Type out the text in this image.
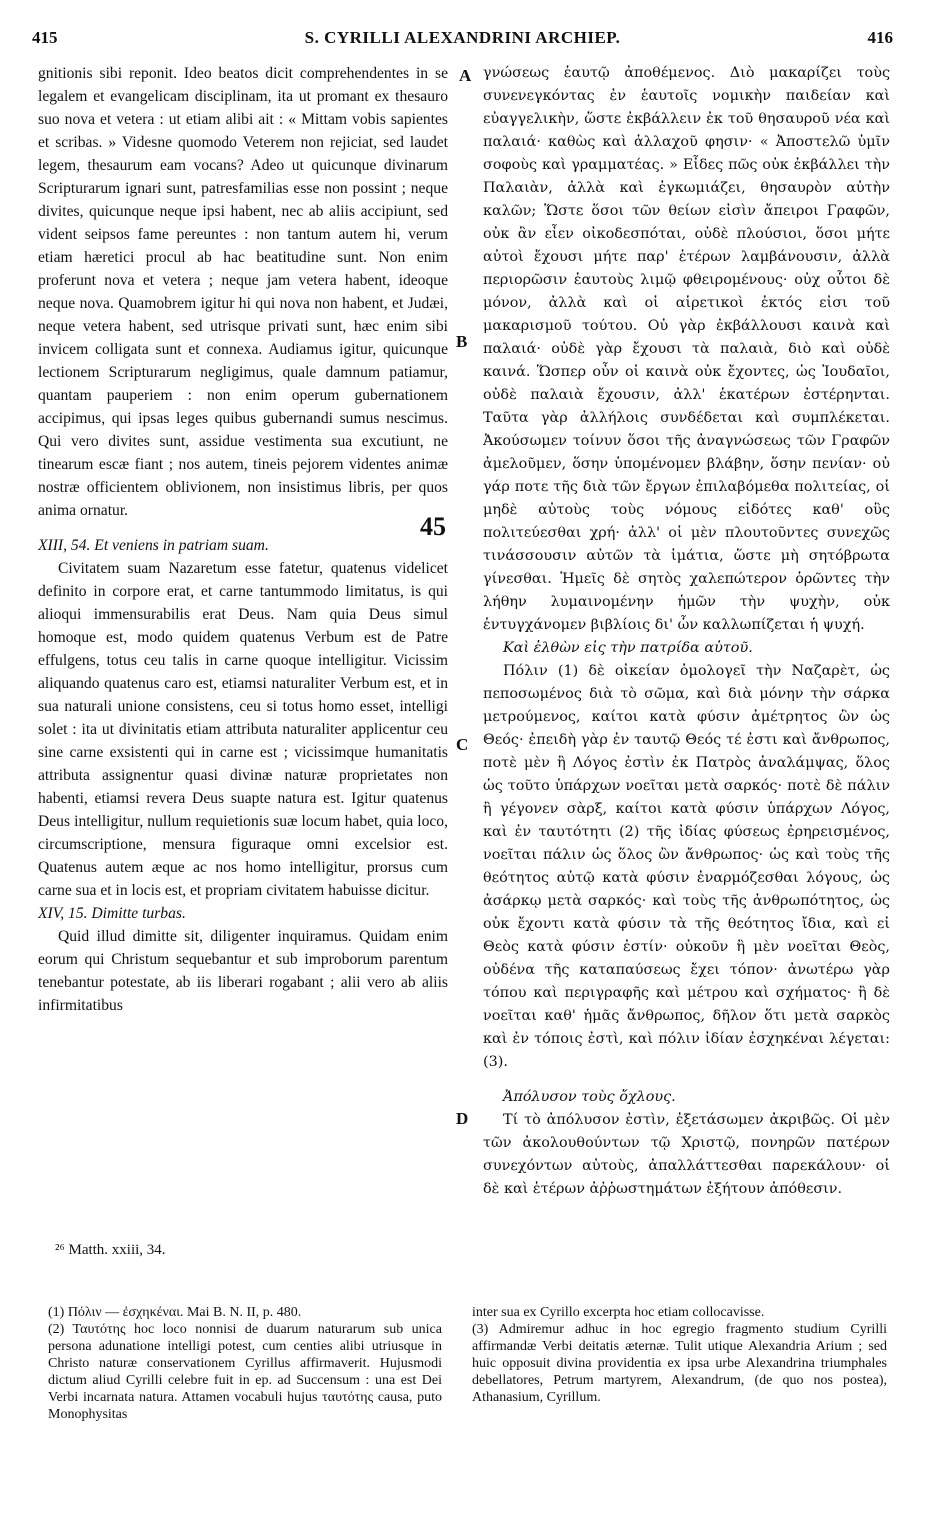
415	S. CYRILLI ALEXANDRINI ARCHIEP.	416

gnitionis sibi reponit. Ideo beatos dicit comprehendentes in se legalem et evangelicam disciplinam, ita ut promant ex thesauro suo nova et vetera : ut etiam alibi ait : « Mittam vobis sapientes et scribas. » Videsne quomodo Veterem non rejiciat, sed laudet legem, thesaurum eam vocans? Adeo ut quicunque divinarum Scripturarum ignari sunt, patresfamilias esse non possint ; neque divites, quicunque neque ipsi habent, nec ab aliis accipiunt, sed vident seipsos fame pereuntes : non tantum autem hi, verum etiam hæretici procul ab hac beatitudine sunt. Non enim proferunt nova et vetera ; neque jam vetera habent, ideoque neque nova. Quamobrem igitur hi qui nova non habent, et Judæi, neque vetera habent, sed utrisque privati sunt, hæc enim sibi invicem colligata sunt et connexa. Audiamus igitur, quicunque lectionem Scripturarum negligimus, quale damnum patiamur, quantam pauperiem : non enim operum gubernationem accipimus, qui ipsas leges quibus gubernandi sumus nescimus. Qui vero divites sunt, assidue vestimenta sua excutiunt, ne tinearum escæ fiant ; nos autem, tineis pejorem videntes animæ nostræ officientem oblivionem, non insistimus libris, per quos anima ornatur.

XIII, 54. Et veniens in patriam suam.

Civitatem suam Nazaretum esse fatetur, quatenus videlicet definito in corpore erat, et carne tantummodo limitatus, is qui alioqui immensurabilis erat Deus. Nam quia Deus simul homoque est, modo quidem quatenus Verbum est de Patre effulgens, totus ceu talis in carne quoque intelligitur. Vicissim aliquando quatenus caro est, etiamsi naturaliter Verbum est, et in sua naturali unione consistens, ceu si totus homo esset, intelligi solet : ita ut divinitatis etiam attributa naturaliter applicentur ceu sine carne exsistenti qui in carne est ; vicissimque humanitatis attributa assignentur quasi divinæ naturæ proprietates non habenti, etiamsi revera Deus suapte natura est. Igitur quatenus Deus intelligitur, nullum requietionis suæ locum habet, quia loco, circumscriptione, mensura figuraque omni excelsior est. Quatenus autem æque ac nos homo intelligitur, prorsus cum carne sua et in locis est, et propriam civitatem habuisse dicitur.

XIV, 15. Dimitte turbas.

Quid illud dimitte sit, diligenter inquiramus. Quidam enim eorum qui Christum sequebantur et sub improborum parentum tenebantur potestate, ab iis liberari rogabant ; alii vero ab aliis infirmitatibus

γνώσεως ἑαυτῷ ἀποθέμενος. Διὸ μακαρίζει τοὺς συνενεγκόντας ἐν ἑαυτοῖς νομικὴν παιδείαν καὶ εὐαγγελικὴν, ὥστε ἐκβάλλειν ἐκ τοῦ θησαυροῦ νέα καὶ παλαιά· καθὼς καὶ ἀλλαχοῦ φησιν· « Ἀποστελῶ ὑμῖν σοφοὺς καὶ γραμματέας. » Εἶδες πῶς οὐκ ἐκβάλλει τὴν Παλαιὰν, ἀλλὰ καὶ ἐγκωμιάζει, θησαυρὸν αὐτὴν καλῶν; Ὥστε ὅσοι τῶν θείων εἰσὶν ἄπειροι Γραφῶν, οὐκ ἂν εἶεν οἰκοδεσπόται, οὐδὲ πλούσιοι, ὅσοι μήτε αὐτοὶ ἔχουσι μήτε παρ' ἑτέρων λαμβάνουσιν, ἀλλὰ περιορῶσιν ἑαυτοὺς λιμῷ φθειρομένους· οὐχ οὗτοι δὲ μόνον, ἀλλὰ καὶ οἱ αἱρετικοὶ ἐκτός εἰσι τοῦ μακαρισμοῦ τούτου. Οὐ γὰρ ἐκβάλλουσι καινὰ καὶ παλαιά· οὐδὲ γὰρ ἔχουσι τὰ παλαιὰ, διὸ καὶ οὐδὲ καινά. Ὥσπερ οὖν οἱ καινὰ οὐκ ἔχοντες, ὡς Ἰουδαῖοι, οὐδὲ παλαιὰ ἔχουσιν, ἀλλ' ἑκατέρων ἐστέρηνται. Ταῦτα γὰρ ἀλλήλοις συνδέδεται καὶ συμπλέκεται. Ἀκούσωμεν τοίνυν ὅσοι τῆς ἀναγνώσεως τῶν Γραφῶν ἀμελοῦμεν, ὅσην ὑπομένομεν βλάβην, ὅσην πενίαν· οὐ γάρ ποτε τῆς διὰ τῶν ἔργων ἐπιλαβόμεθα πολιτείας, οἱ μηδὲ αὐτοὺς τοὺς νόμους εἰδότες καθ' οὓς πολιτεύεσθαι χρή· ἀλλ' οἱ μὲν πλουτοῦντες συνεχῶς τινάσσουσιν αὐτῶν τὰ ἱμάτια, ὥστε μὴ σητόβρωτα γίνεσθαι. Ἡμεῖς δὲ σητὸς χαλεπώτερον ὁρῶντες τὴν λήθην λυμαινομένην ἡμῶν τὴν ψυχὴν, οὐκ ἐντυγχάνομεν βιβλίοις δι' ὧν καλλωπίζεται ἡ ψυχή.

Καὶ ἐλθὼν εἰς τὴν πατρίδα αὐτοῦ.

Πόλιν (1) δὲ οἰκείαν ὁμολογεῖ τὴν Ναζαρὲτ, ὡς πεποσωμένος διὰ τὸ σῶμα, καὶ διὰ μόνην τὴν σάρκα μετρούμενος, καίτοι κατὰ φύσιν ἀμέτρητος ὢν ὡς Θεός· ἐπειδὴ γὰρ ἐν ταυτῷ Θεός τέ ἐστι καὶ ἄνθρωπος, ποτὲ μὲν ἢ Λόγος ἐστὶν ἐκ Πατρὸς ἀναλάμψας, ὅλος ὡς τοῦτο ὑπάρχων νοεῖται μετὰ σαρκός· ποτὲ δὲ πάλιν ἢ γέγονεν σὰρξ, καίτοι κατὰ φύσιν ὑπάρχων Λόγος, καὶ ἐν ταυτότητι (2) τῆς ἰδίας φύσεως ἐρηρεισμένος, νοεῖται πάλιν ὡς ὅλος ὢν ἄνθρωπος· ὡς καὶ τοὺς τῆς θεότητος αὐτῷ κατὰ φύσιν ἐναρμόζεσθαι λόγους, ὡς ἀσάρκῳ μετὰ σαρκός· καὶ τοὺς τῆς ἀνθρωπότητος, ὡς οὐκ ἔχοντι κατὰ φύσιν τὰ τῆς θεότητος ἴδια, καὶ εἰ Θεὸς κατὰ φύσιν ἐστίν· οὐκοῦν ἢ μὲν νοεῖται Θεὸς, οὐδένα τῆς καταπαύσεως ἔχει τόπον· ἀνωτέρω γὰρ τόπου καὶ περιγραφῆς καὶ μέτρου καὶ σχήματος· ἢ δὲ νοεῖται καθ' ἡμᾶς ἄνθρωπος, δῆλον ὅτι μετὰ σαρκὸς καὶ ἐν τόποις ἐστὶ, καὶ πόλιν ἰδίαν ἐσχηκέναι λέγεται: (3).

Ἀπόλυσον τοὺς ὄχλους.

Τί τὸ ἀπόλυσον ἐστὶν, ἐξετάσωμεν ἀκριβῶς. Οἱ μὲν τῶν ἀκολουθούντων τῷ Χριστῷ, πονηρῶν πατέρων συνεχόντων αὐτοὺς, ἀπαλλάττεσθαι παρεκάλουν· οἱ δὲ καὶ ἑτέρων ἀῤῥωστημάτων ἐξήτουν ἀπόθεσιν.

A
B
C
D
45
²⁶ Matth. xxiii, 34.

(1) Πόλιν — ἐσχηκέναι. Mai B. N. II, p. 480.

(2) Ταυτότης hoc loco nonnisi de duarum naturarum sub unica persona adunatione intelligi potest, cum centies alibi utriusque in Christo naturæ conservationem Cyrillus affirmaverit. Hujusmodi dictum aliud Cyrilli celebre fuit in ep. ad Succensum : una est Dei Verbi incarnata natura. Attamen vocabuli hujus ταυτότης causa, puto Monophysitas

inter sua ex Cyrillo excerpta hoc etiam collocavisse.

(3) Admiremur adhuc in hoc egregio fragmento studium Cyrilli affirmandæ Verbi deitatis æternæ. Tulit utique Alexandria Arium ; sed huic opposuit divina providentia ex ipsa urbe Alexandrina triumphales debellatores, Petrum martyrem, Alexandrum, (de quo nos postea), Athanasium, Cyrillum.
